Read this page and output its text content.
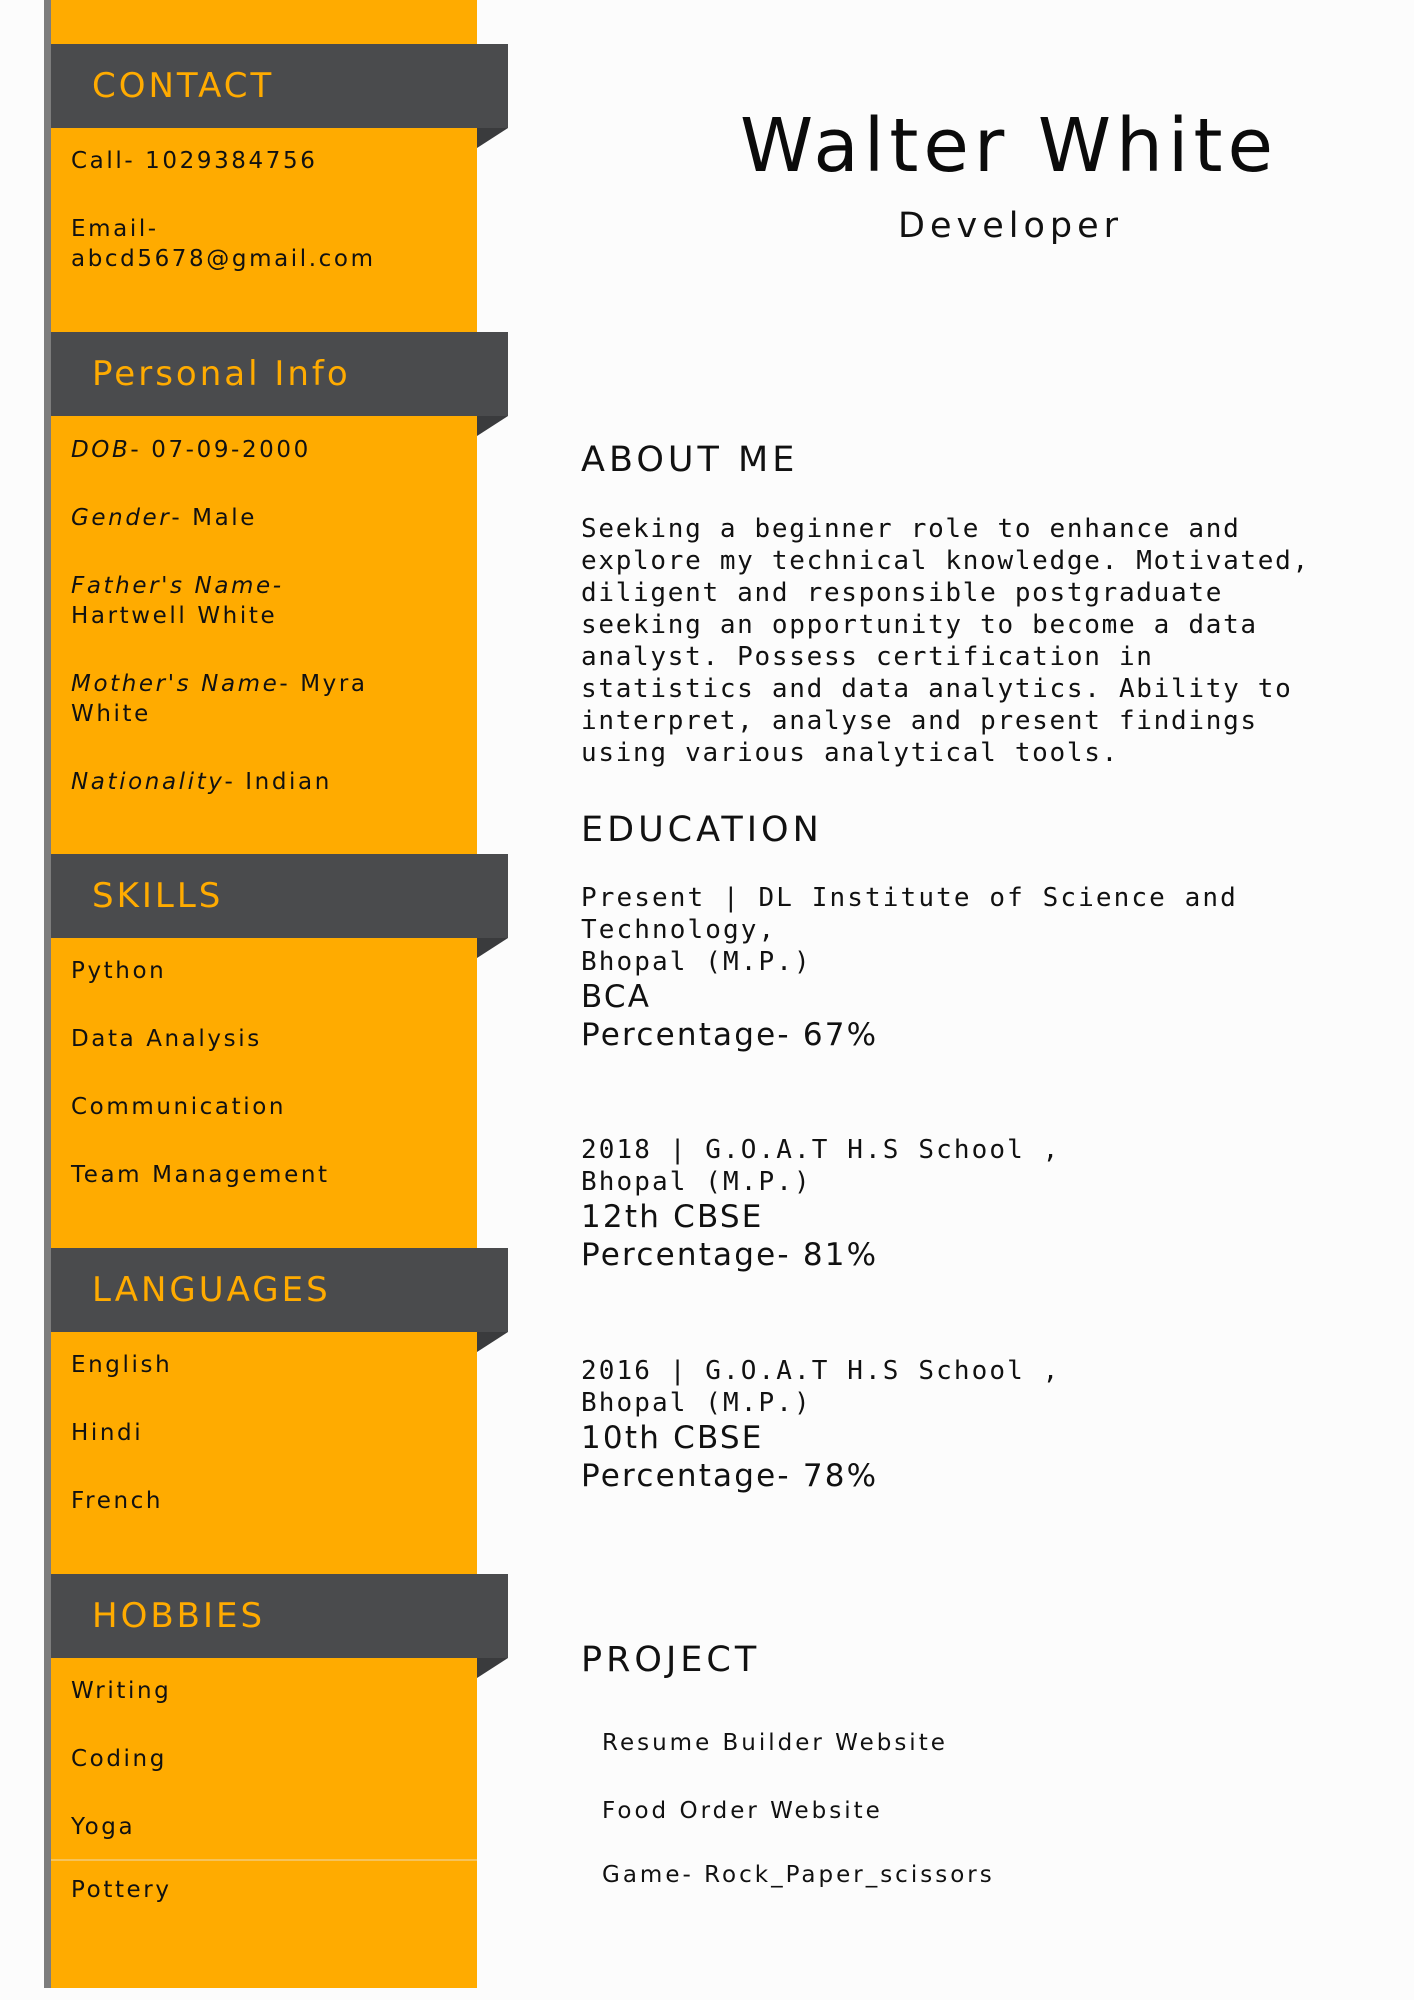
CONTACT
Call- 1029384756
Email-
abcd5678@gmail.com
Personal Info
DOB- 07-09-2000
Gender- Male
Father's Name-
Hartwell White
Mother's Name- Myra White
Nationality- Indian
SKILLS
Python
Data Analysis
Communication
Team Management
LANGUAGES
English
Hindi
French
HOBBIES
Writing
Coding
Yoga
Pottery
Walter White
Developer
ABOUT ME
Seeking a beginner role to enhance and explore my technical knowledge. Motivated, diligent and responsible postgraduate seeking an opportunity to become a data analyst. Possess certification in statistics and data analytics. Ability to interpret, analyse and present findings using various analytical tools.
EDUCATION
Present | DL Institute of Science and
Technology,
Bhopal (M.P.)
BCA
Percentage- 67%
2018 | G.O.A.T H.S School ,
Bhopal (M.P.)
12th CBSE
Percentage- 81%
2016 | G.O.A.T H.S School ,
Bhopal (M.P.)
10th CBSE
Percentage- 78%
PROJECT
Resume Builder Website
Food Order Website
Game- Rock_Paper_scissors
